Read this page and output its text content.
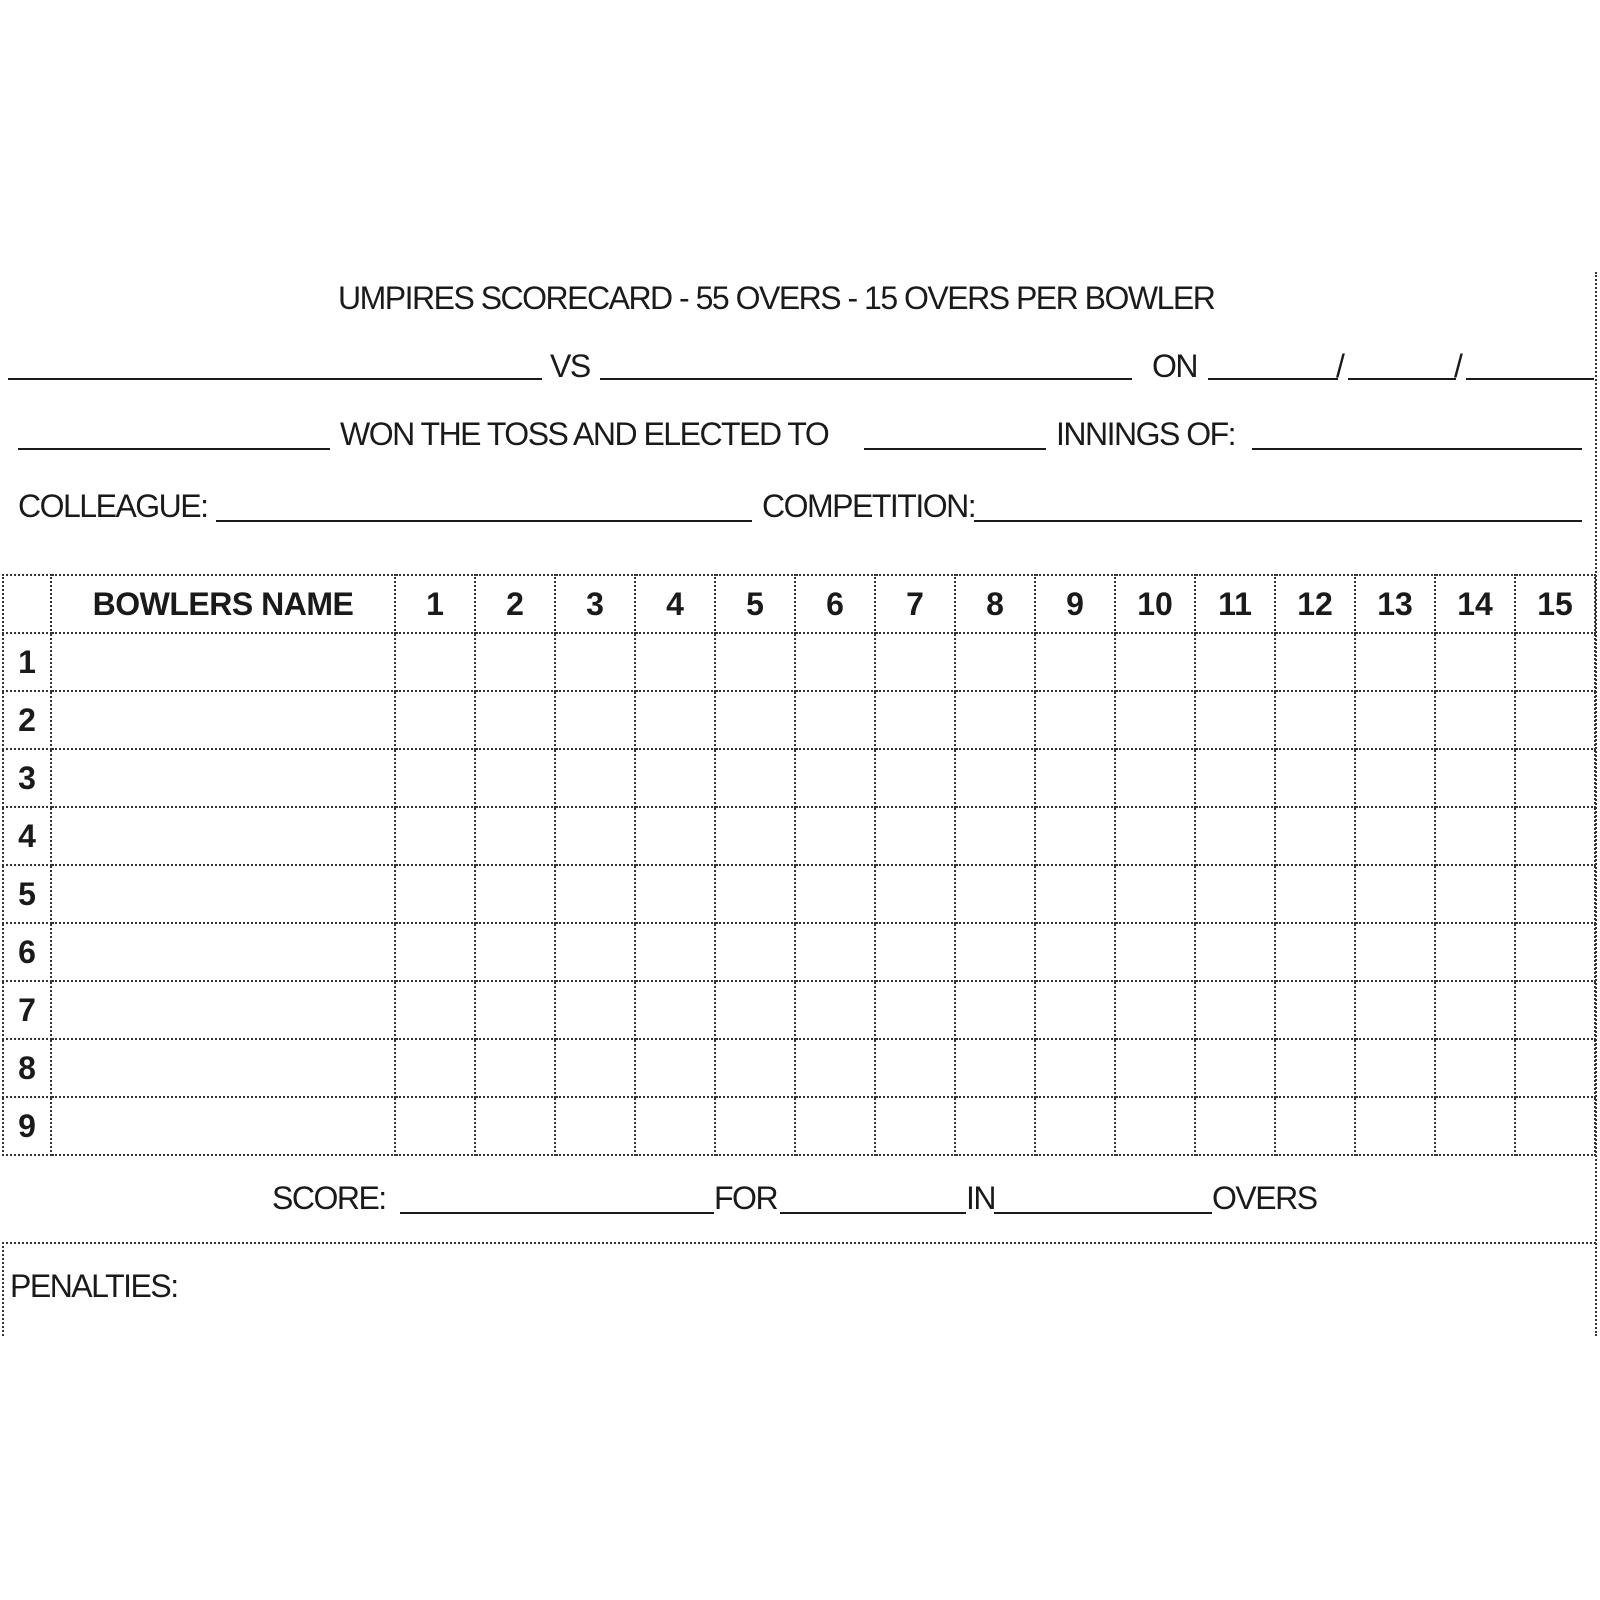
UMPIRES SCORECARD - 55 OVERS - 15 OVERS PER BOWLER
VS	ON	/	/
WON THE TOSS AND ELECTED TO	INNINGS OF:
COLLEAGUE:	COMPETITION:
	BOWLERS NAME	1	2	3	4	5	6	7	8	9	10	11	12	13	14	15
1																
2																
3																
4																
5																
6																
7																
8																
9																
SCORE:	FOR	IN	OVERS
PENALTIES:
